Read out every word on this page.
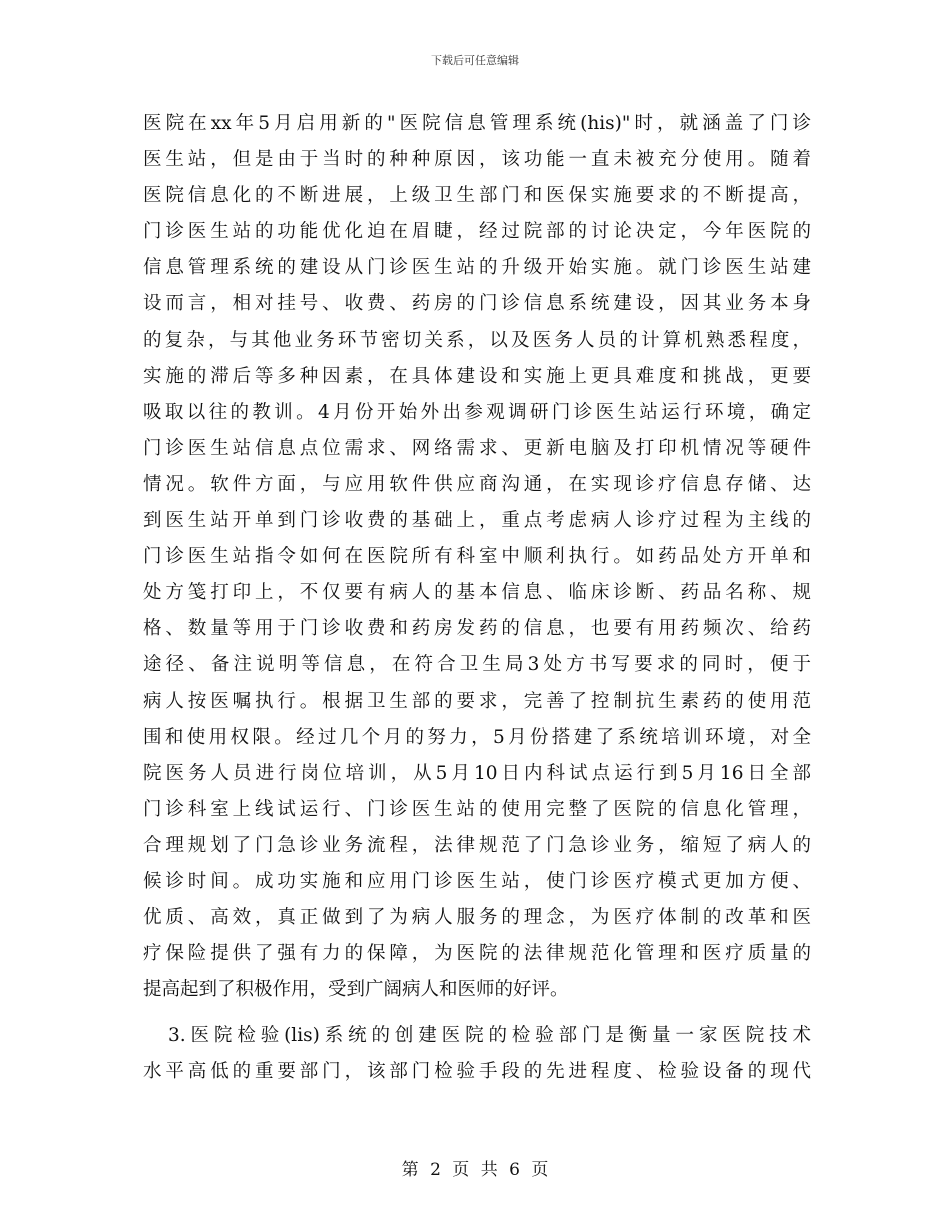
下载后可任意编辑
医院在xx年5月启用新的"医院信息管理系统(his)"时，就涵盖了门诊
医生站，但是由于当时的种种原因，该功能一直未被充分使用。随着
医院信息化的不断进展，上级卫生部门和医保实施要求的不断提高，
门诊医生站的功能优化迫在眉睫，经过院部的讨论决定，今年医院的
信息管理系统的建设从门诊医生站的升级开始实施。就门诊医生站建
设而言，相对挂号、收费、药房的门诊信息系统建设，因其业务本身
的复杂，与其他业务环节密切关系，以及医务人员的计算机熟悉程度，
实施的滞后等多种因素，在具体建设和实施上更具难度和挑战，更要
吸取以往的教训。4月份开始外出参观调研门诊医生站运行环境，确定
门诊医生站信息点位需求、网络需求、更新电脑及打印机情况等硬件
情况。软件方面，与应用软件供应商沟通，在实现诊疗信息存储、达
到医生站开单到门诊收费的基础上，重点考虑病人诊疗过程为主线的
门诊医生站指令如何在医院所有科室中顺利执行。如药品处方开单和
处方笺打印上，不仅要有病人的基本信息、临床诊断、药品名称、规
格、数量等用于门诊收费和药房发药的信息，也要有用药频次、给药
途径、备注说明等信息，在符合卫生局3处方书写要求的同时，便于
病人按医嘱执行。根据卫生部的要求，完善了控制抗生素药的使用范
围和使用权限。经过几个月的努力，5月份搭建了系统培训环境，对全
院医务人员进行岗位培训，从5月10日内科试点运行到5月16日全部
门诊科室上线试运行、门诊医生站的使用完整了医院的信息化管理，
合理规划了门急诊业务流程，法律规范了门急诊业务，缩短了病人的
候诊时间。成功实施和应用门诊医生站，使门诊医疗模式更加方便、
优质、高效，真正做到了为病人服务的理念，为医疗体制的改革和医
疗保险提供了强有力的保障，为医院的法律规范化管理和医疗质量的
提高起到了积极作用，受到广阔病人和医师的好评。
3.医院检验(lis)系统的创建医院的检验部门是衡量一家医院技术
水平高低的重要部门，该部门检验手段的先进程度、检验设备的现代
第 2 页 共 6 页
